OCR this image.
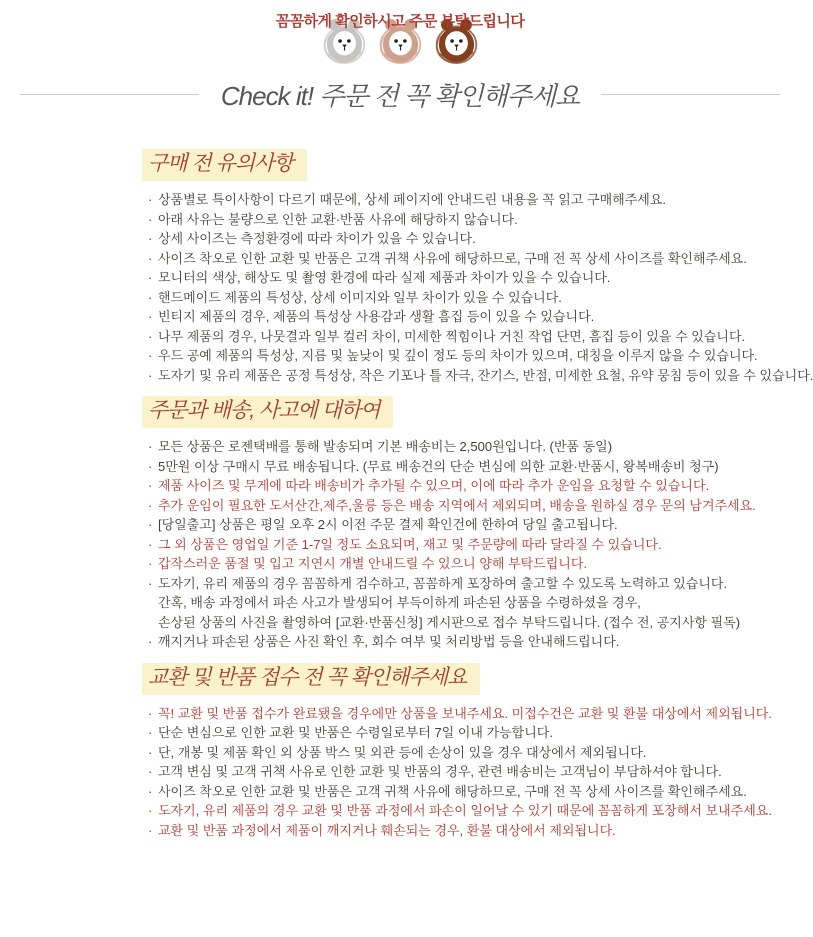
꼼꼼하게 확인하시고 주문 부탁드립니다
Check it! 주문 전 꼭 확인해주세요
구매 전 유의사항
· 상품별로 특이사항이 다르기 때문에, 상세 페이지에 안내드린 내용을 꼭 읽고 구매해주세요.
· 아래 사유는 불량으로 인한 교환·반품 사유에 해당하지 않습니다.
· 상세 사이즈는 측정환경에 따라 차이가 있을 수 있습니다.
· 사이즈 착오로 인한 교환 및 반품은 고객 귀책 사유에 해당하므로, 구매 전 꼭 상세 사이즈를 확인해주세요.
· 모니터의 색상, 해상도 및 촬영 환경에 따라 실제 제품과 차이가 있을 수 있습니다.
· 핸드메이드 제품의 특성상, 상세 이미지와 일부 차이가 있을 수 있습니다.
· 빈티지 제품의 경우, 제품의 특성상 사용감과 생활 흠집 등이 있을 수 있습니다.
· 나무 제품의 경우, 나뭇결과 일부 컬러 차이, 미세한 찍힘이나 거친 작업 단면, 흠집 등이 있을 수 있습니다.
· 우드 공예 제품의 특성상, 지름 및 높낮이 및 깊이 정도 등의 차이가 있으며, 대칭을 이루지 않을 수 있습니다.
· 도자기 및 유리 제품은 공정 특성상, 작은 기포나 틀 자극, 잔기스, 반점, 미세한 요철, 유약 뭉침 등이 있을 수 있습니다.
주문과 배송, 사고에 대하여
· 모든 상품은 로젠택배를 통해 발송되며 기본 배송비는 2,500원입니다. (반품 동일)
· 5만원 이상 구매시 무료 배송됩니다. (무료 배송건의 단순 변심에 의한 교환·반품시, 왕복배송비 청구)
· 제품 사이즈 및 무게에 따라 배송비가 추가될 수 있으며, 이에 따라 추가 운임을 요청할 수 있습니다.
· 추가 운임이 필요한 도서산간,제주,울릉 등은 배송 지역에서 제외되며, 배송을 원하실 경우 문의 남겨주세요.
· [당일출고] 상품은 평일 오후 2시 이전 주문 결제 확인건에 한하여 당일 출고됩니다.
· 그 외 상품은 영업일 기준 1-7일 정도 소요되며, 재고 및 주문량에 따라 달라질 수 있습니다.
· 갑작스러운 품절 및 입고 지연시 개별 안내드릴 수 있으니 양해 부탁드립니다.
· 도자기, 유리 제품의 경우 꼼꼼하게 검수하고, 꼼꼼하게 포장하여 출고할 수 있도록 노력하고 있습니다.
간혹, 배송 과정에서 파손 사고가 발생되어 부득이하게 파손된 상품을 수령하셨을 경우,
손상된 상품의 사진을 촬영하여 [교환·반품신청] 게시판으로 접수 부탁드립니다. (접수 전, 공지사항 필독)
· 깨지거나 파손된 상품은 사진 확인 후, 회수 여부 및 처리방법 등을 안내해드립니다.
교환 및 반품 접수 전 꼭 확인해주세요
· 꼭! 교환 및 반품 접수가 완료됐을 경우에만 상품을 보내주세요. 미접수건은 교환 및 환불 대상에서 제외됩니다.
· 단순 변심으로 인한 교환 및 반품은 수령일로부터 7일 이내 가능합니다.
· 단, 개봉 및 제품 확인 외 상품 박스 및 외관 등에 손상이 있을 경우 대상에서 제외됩니다.
· 고객 변심 및 고객 귀책 사유로 인한 교환 및 반품의 경우, 관련 배송비는 고객님이 부담하셔야 합니다.
· 사이즈 착오로 인한 교환 및 반품은 고객 귀책 사유에 해당하므로, 구매 전 꼭 상세 사이즈를 확인해주세요.
· 도자기, 유리 제품의 경우 교환 및 반품 과정에서 파손이 일어날 수 있기 때문에 꼼꼼하게 포장해서 보내주세요.
· 교환 및 반품 과정에서 제품이 깨지거나 훼손되는 경우, 환불 대상에서 제외됩니다.
